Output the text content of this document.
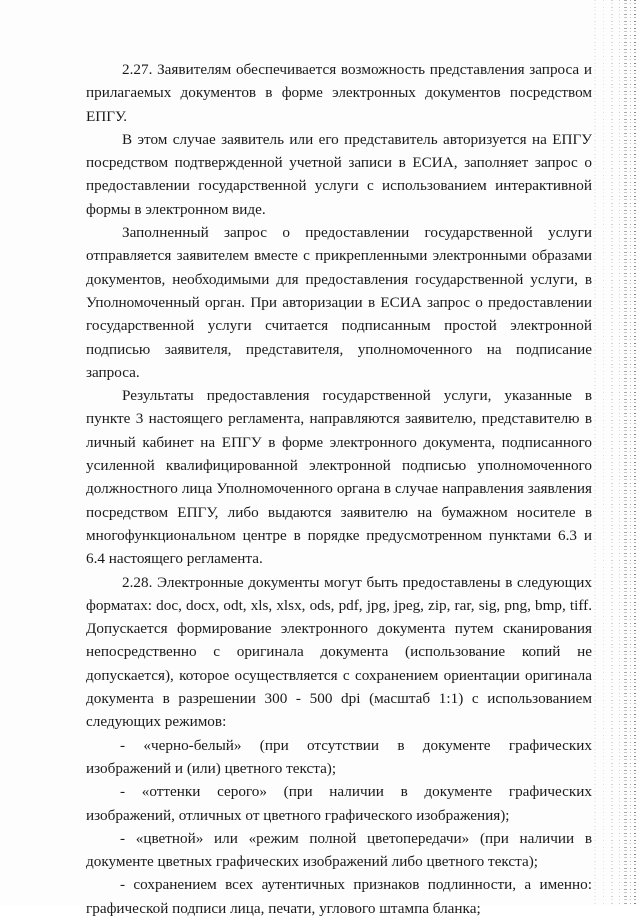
2.27. Заявителям обеспечивается возможность представления запроса и прилагаемых документов в форме электронных документов посредством ЕПГУ.

В этом случае заявитель или его представитель авторизуется на ЕПГУ посредством подтвержденной учетной записи в ЕСИА, заполняет запрос о предоставлении государственной услуги с использованием интерактивной формы в электронном виде.

Заполненный запрос о предоставлении государственной услуги отправляется заявителем вместе с прикрепленными электронными образами документов, необходимыми для предоставления государственной услуги, в Уполномоченный орган. При авторизации в ЕСИА запрос о предоставлении государственной услуги считается подписанным простой электронной подписью заявителя, представителя, уполномоченного на подписание запроса.

Результаты предоставления государственной услуги, указанные в пункте 3 настоящего регламента, направляются заявителю, представителю в личный кабинет на ЕПГУ в форме электронного документа, подписанного усиленной квалифицированной электронной подписью уполномоченного должностного лица Уполномоченного органа в случае направления заявления посредством ЕПГУ, либо выдаются заявителю на бумажном носителе в многофункциональном центре в порядке предусмотренном пунктами 6.3 и 6.4 настоящего регламента.

2.28. Электронные документы могут быть предоставлены в следующих форматах: doc, docx, odt, xls, xlsx, ods, pdf, jpg, jpeg, zip, rar, sig, png, bmp, tiff. Допускается формирование электронного документа путем сканирования непосредственно с оригинала документа (использование копий не допускается), которое осуществляется с сохранением ориентации оригинала документа в разрешении 300 - 500 dpi (масштаб 1:1) с использованием следующих режимов:

- «черно-белый» (при отсутствии в документе графических изображений и (или) цветного текста);

- «оттенки серого» (при наличии в документе графических изображений, отличных от цветного графического изображения);

- «цветной» или «режим полной цветопередачи» (при наличии в документе цветных графических изображений либо цветного текста);

- сохранением всех аутентичных признаков подлинности, а именно: графической подписи лица, печати, углового штампа бланка;
